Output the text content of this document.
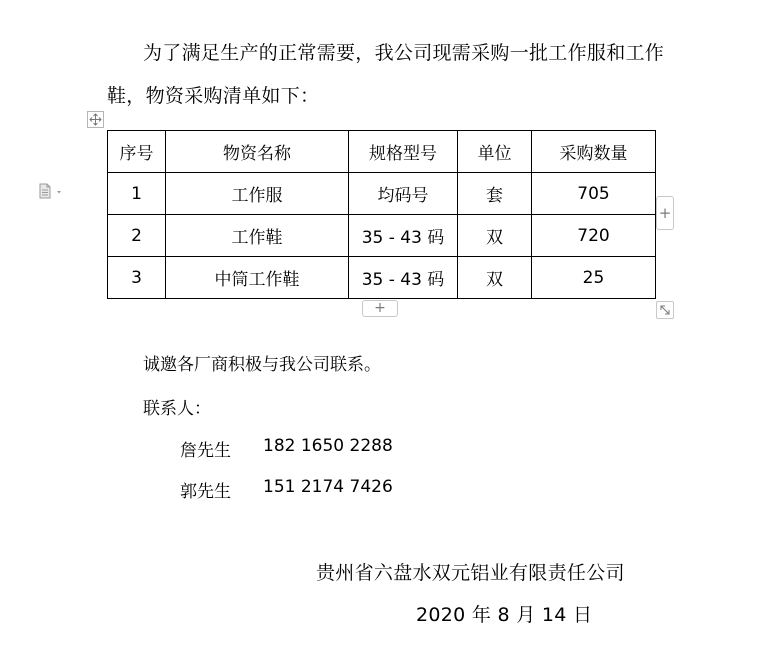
为了满足生产的正常需要，我公司现需采购一批工作服和工作
鞋，物资采购清单如下：
序号	物资名称	规格型号	单位	采购数量
1	工作服	均码号	套	705
2	工作鞋	35 - 43 码	双	720
3	中筒工作鞋	35 - 43 码	双	25
+
+
诚邀各厂商积极与我公司联系。
联系人：
詹先生 182 1650 2288
郭先生 151 2174 7426
贵州省六盘水双元铝业有限责任公司
2020 年 8 月 14 日
